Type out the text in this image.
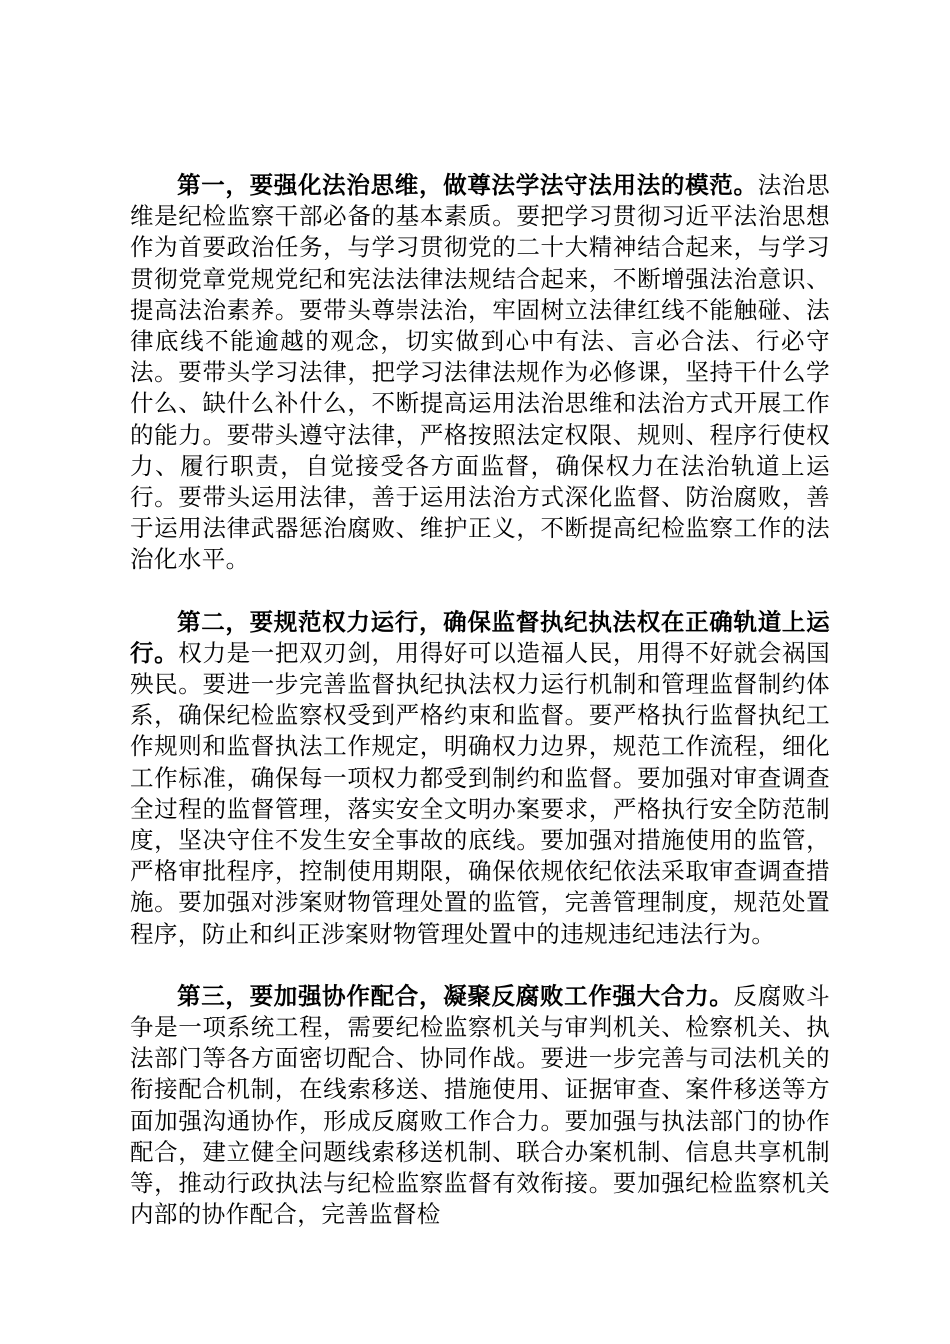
第一，要强化法治思维，做尊法学法守法用法的模范。法治思维是纪检监察干部必备的基本素质。要把学习贯彻习近平法治思想作为首要政治任务，与学习贯彻党的二十大精神结合起来，与学习贯彻党章党规党纪和宪法法律法规结合起来，不断增强法治意识、提高法治素养。要带头尊崇法治，牢固树立法律红线不能触碰、法律底线不能逾越的观念，切实做到心中有法、言必合法、行必守法。要带头学习法律，把学习法律法规作为必修课，坚持干什么学什么、缺什么补什么，不断提高运用法治思维和法治方式开展工作的能力。要带头遵守法律，严格按照法定权限、规则、程序行使权力、履行职责，自觉接受各方面监督，确保权力在法治轨道上运行。要带头运用法律，善于运用法治方式深化监督、防治腐败，善于运用法律武器惩治腐败、维护正义，不断提高纪检监察工作的法治化水平。

第二，要规范权力运行，确保监督执纪执法权在正确轨道上运行。权力是一把双刃剑，用得好可以造福人民，用得不好就会祸国殃民。要进一步完善监督执纪执法权力运行机制和管理监督制约体系，确保纪检监察权受到严格约束和监督。要严格执行监督执纪工作规则和监督执法工作规定，明确权力边界，规范工作流程，细化工作标准，确保每一项权力都受到制约和监督。要加强对审查调查全过程的监督管理，落实安全文明办案要求，严格执行安全防范制度，坚决守住不发生安全事故的底线。要加强对措施使用的监管，严格审批程序，控制使用期限，确保依规依纪依法采取审查调查措施。要加强对涉案财物管理处置的监管，完善管理制度，规范处置程序，防止和纠正涉案财物管理处置中的违规违纪违法行为。

第三，要加强协作配合，凝聚反腐败工作强大合力。反腐败斗争是一项系统工程，需要纪检监察机关与审判机关、检察机关、执法部门等各方面密切配合、协同作战。要进一步完善与司法机关的衔接配合机制，在线索移送、措施使用、证据审查、案件移送等方面加强沟通协作，形成反腐败工作合力。要加强与执法部门的协作配合，建立健全问题线索移送机制、联合办案机制、信息共享机制等，推动行政执法与纪检监察监督有效衔接。要加强纪检监察机关内部的协作配合，完善监督检
